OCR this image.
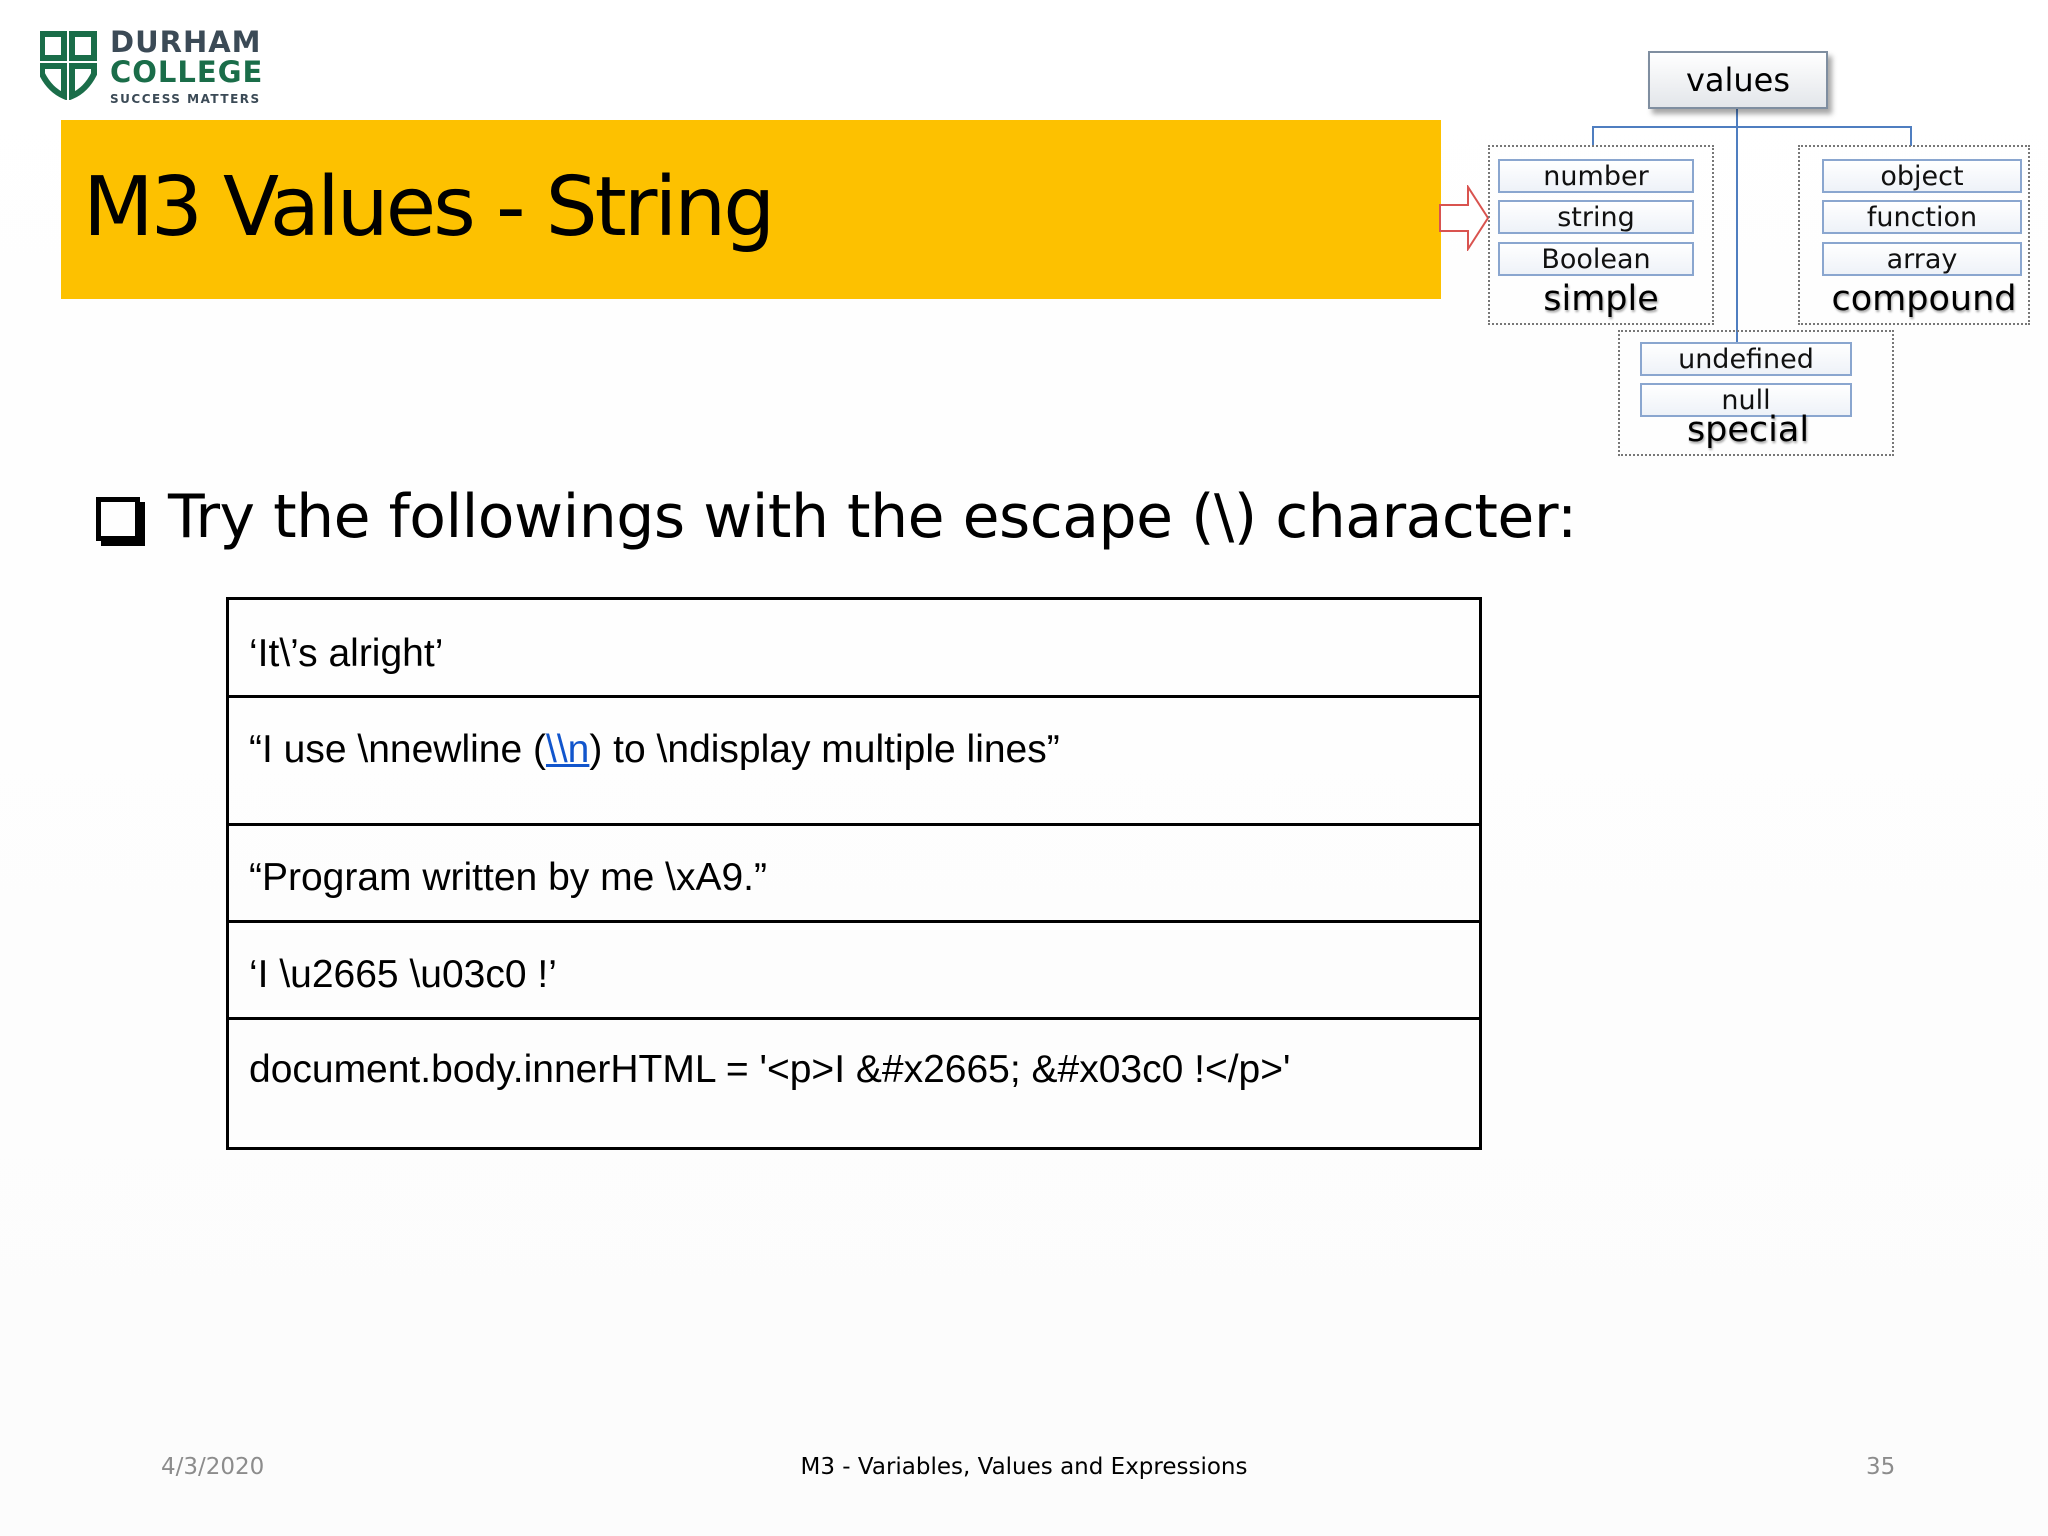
DURHAM
COLLEGE
SUCCESS MATTERS
M3 Values - String
values
number
string
Boolean
simple
object
function
array
compound
undefined
null
special
Try the followings with the escape (\) character:
‘It\’s alright’
“I use \nnewline (\\n) to \ndisplay multiple lines”
“Program written by me \xA9.”
‘I \u2665 \u03c0 !’
document.body.innerHTML = '<p>I &#x2665; &#x03c0 !</p>'
4/3/2020	M3 - Variables, Values and Expressions	35
